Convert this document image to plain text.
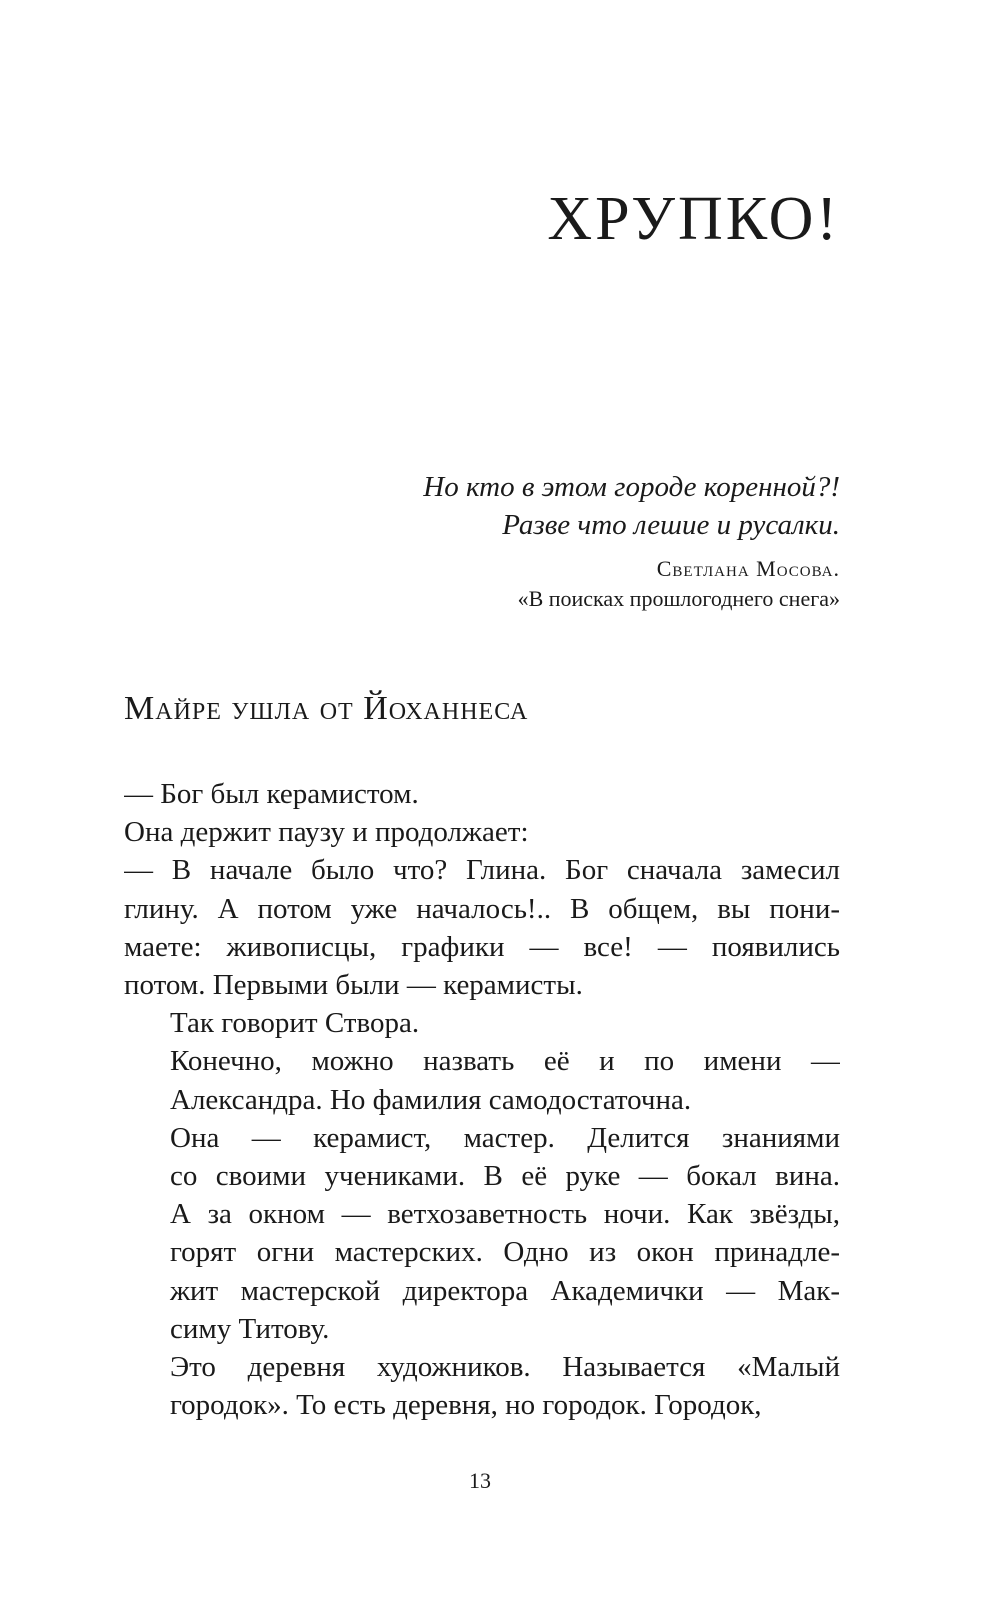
ХРУПКО!
Но кто в этом городе коренной?!
Разве что лешие и русалки.
Светлана Мосова.
«В поисках прошлогоднего снега»
Майре ушла от Йоханнеса

— Бог был керамистом.

Она держит паузу и продолжает:

— В начале было что? Глина. Бог сначала замесил
глину. А потом уже началось!.. В общем, вы пони-
маете: живописцы, графики — все! — появились
потом. Первыми были — керамисты.

Так говорит Створа.

Конечно, можно назвать её и по имени —
Александра. Но фамилия самодостаточна.

Она — керамист, мастер. Делится знаниями
со своими учениками. В её руке — бокал вина.
А за окном — ветхозаветность ночи. Как звёзды,
горят огни мастерских. Одно из окон принадле-
жит мастерской директора Академички — Мак-
симу Титову.

Это деревня художников. Называется «Малый
городок». То есть деревня, но городок. Городок,

13
